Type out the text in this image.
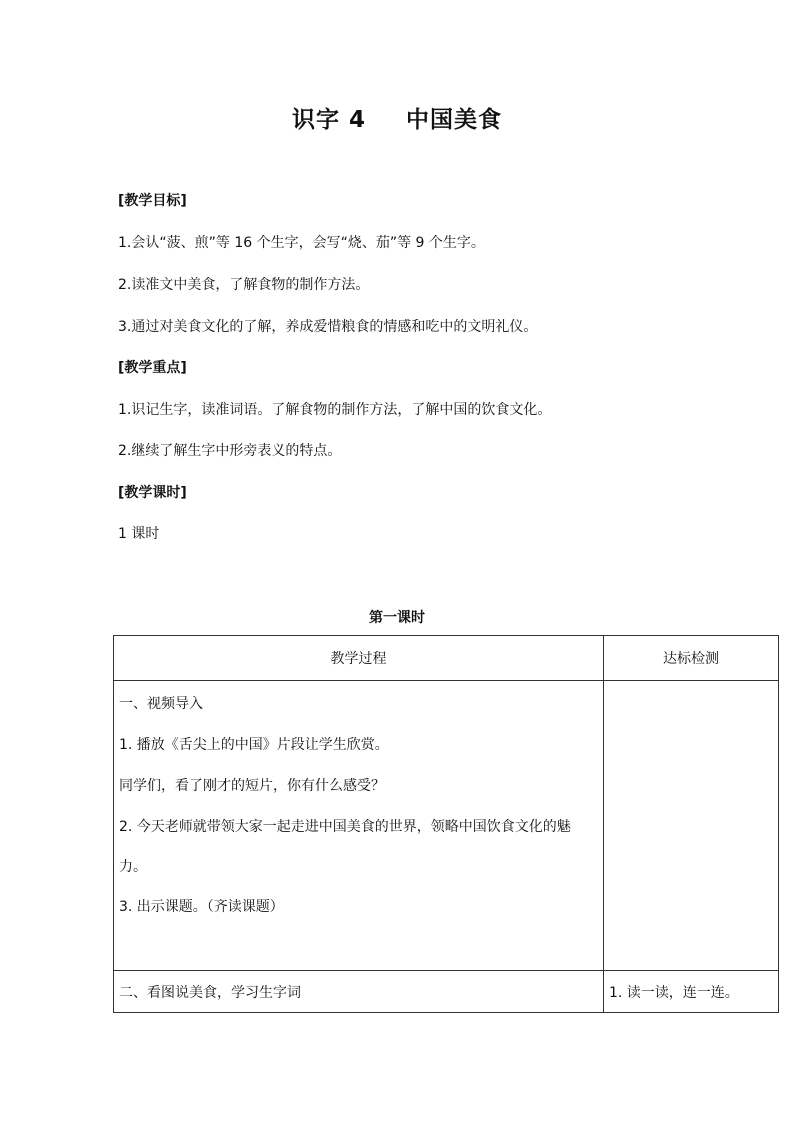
识字 4 中国美食
[教学目标]
1.会认“菠、煎”等 16 个生字，会写“烧、茄”等 9 个生字。
2.读准文中美食，了解食物的制作方法。
3.通过对美食文化的了解，养成爱惜粮食的情感和吃中的文明礼仪。
[教学重点]
1.识记生字，读准词语。了解食物的制作方法，了解中国的饮食文化。
2.继续了解生字中形旁表义的特点。
[教学课时]
1 课时
第一课时
教学过程	达标检测

一、视频导入

1. 播放《舌尖上的中国》片段让学生欣赏。

同学们，看了刚才的短片，你有什么感受？

2. 今天老师就带领大家一起走进中国美食的世界，领略中国饮食文化的魅力。

3. 出示课题。（齐读课题）	

二、看图说美食，学习生字词	1. 读一读，连一连。
